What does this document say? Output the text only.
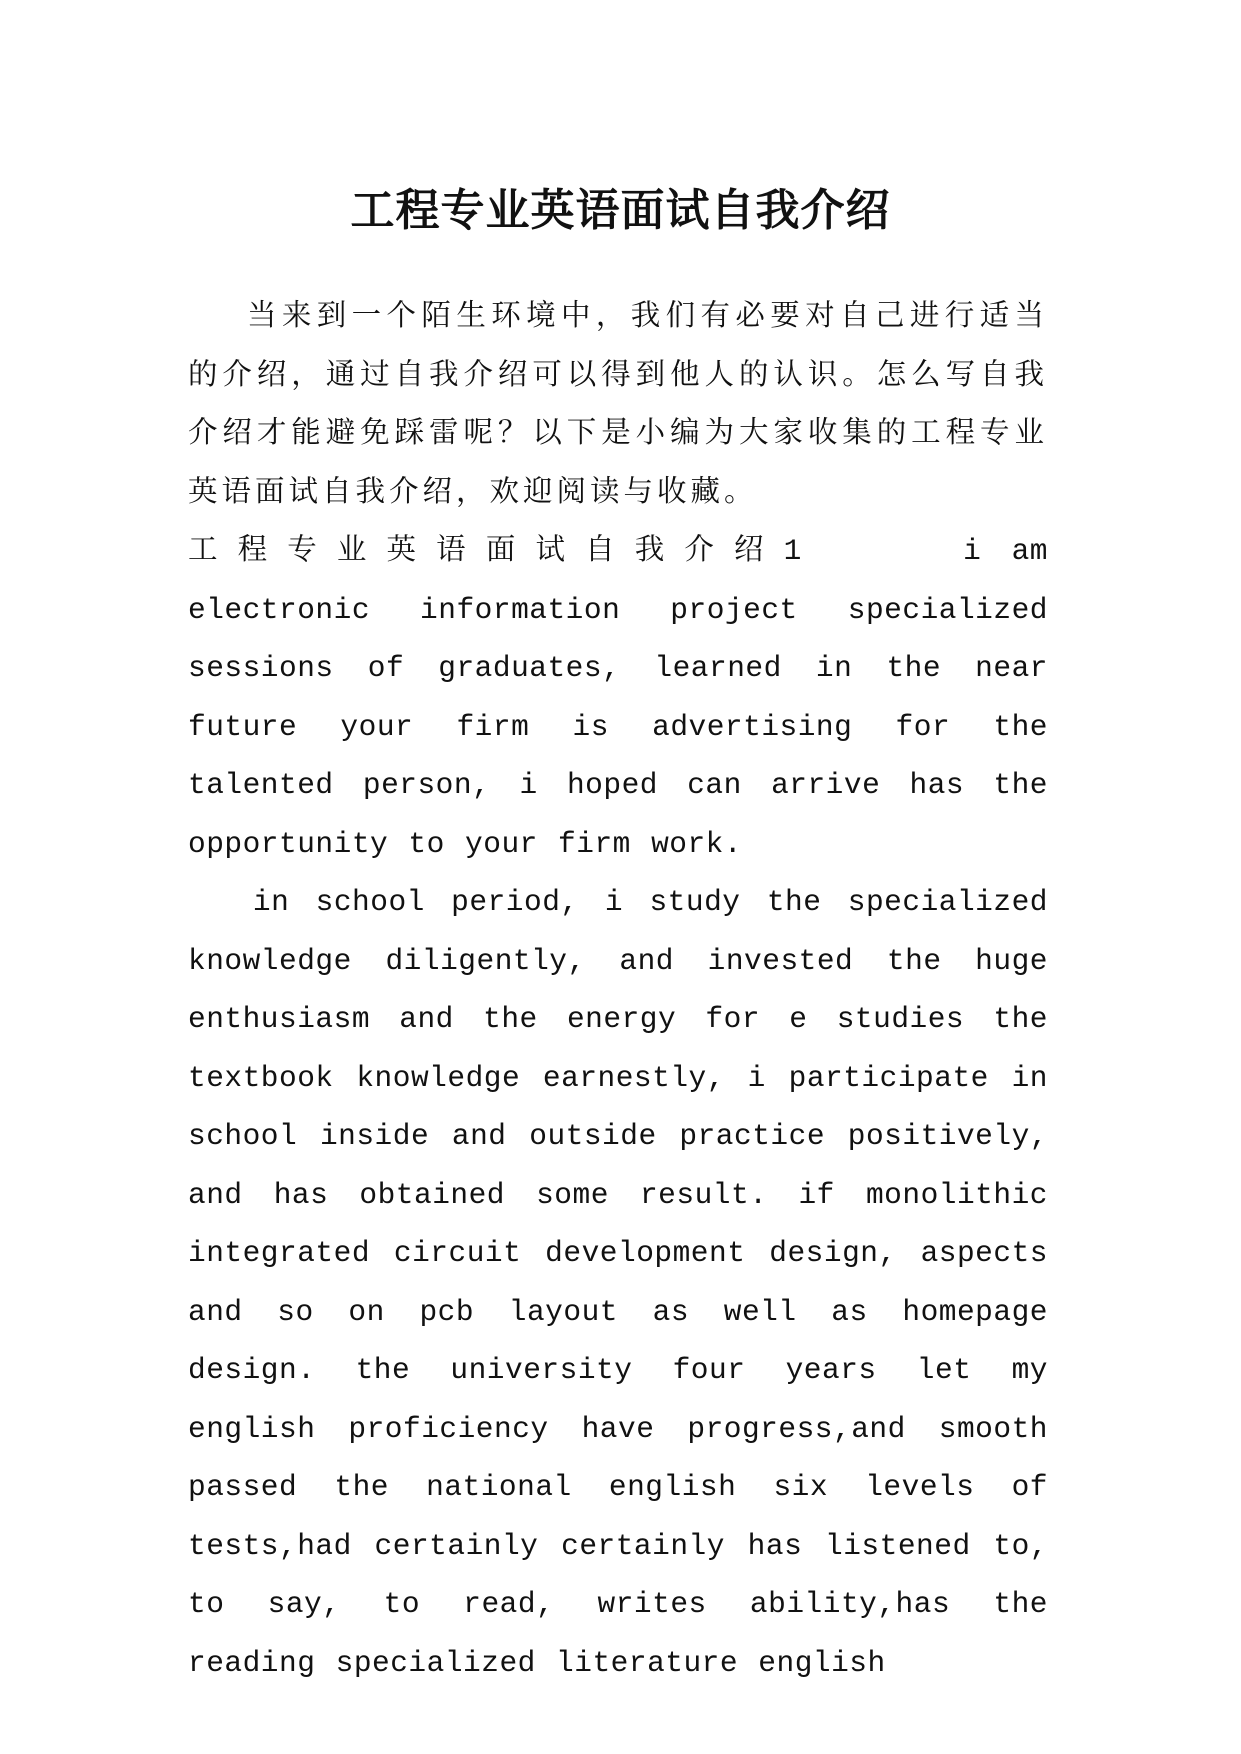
工程专业英语面试自我介绍

当来到一个陌生环境中，我们有必要对自己进行适当的介绍，通过自我介绍可以得到他人的认识。怎么写自我介绍才能避免踩雷呢？以下是小编为大家收集的工程专业英语面试自我介绍，欢迎阅读与收藏。

工程专业英语面试自我介绍1	i am electronic information project specialized sessions of graduates, learned in the near future your firm is advertising for the talented person, i hoped can arrive has the opportunity to your firm work.

in school period, i study the specialized knowledge diligently, and invested the huge enthusiasm and the energy for e studies the textbook knowledge earnestly, i participate in school inside and outside practice positively, and has obtained some result. if monolithic integrated circuit development design, aspects and so on pcb layout as well as homepage design. the university four years let my english proficiency have progress,and smooth passed the national english six levels of tests,had certainly certainly has listened to, to say, to read, writes ability,has the reading specialized literature english
